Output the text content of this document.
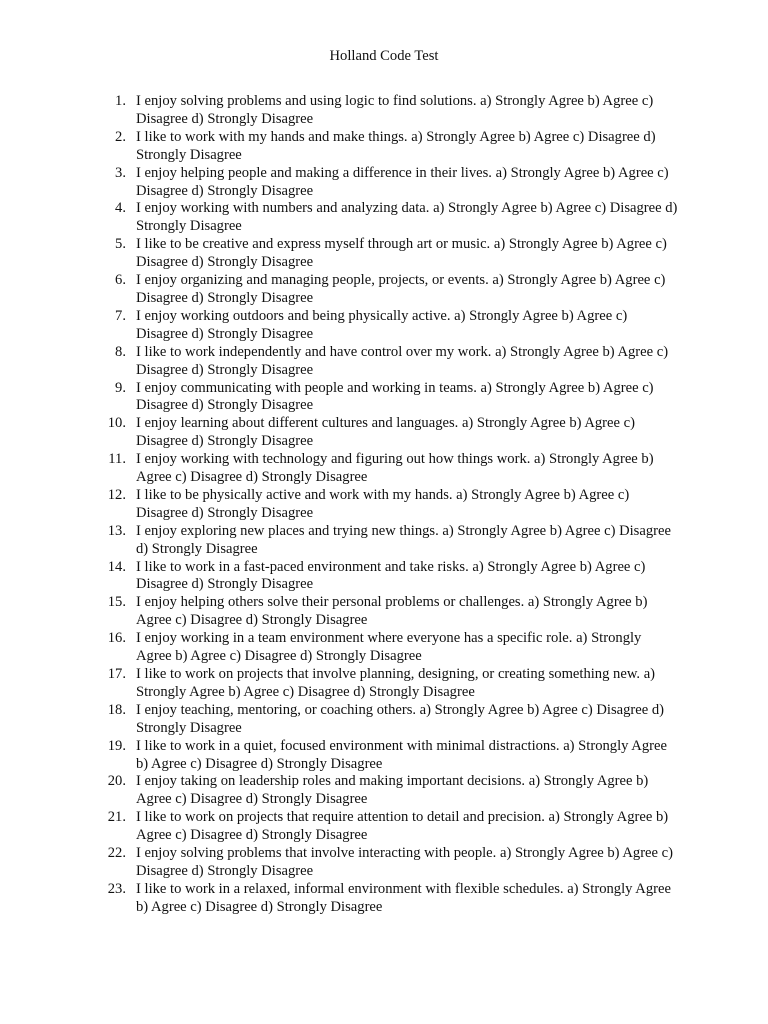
Holland Code Test
1. I enjoy solving problems and using logic to find solutions. a) Strongly Agree b) Agree c) Disagree d) Strongly Disagree
2. I like to work with my hands and make things. a) Strongly Agree b) Agree c) Disagree d) Strongly Disagree
3. I enjoy helping people and making a difference in their lives. a) Strongly Agree b) Agree c) Disagree d) Strongly Disagree
4. I enjoy working with numbers and analyzing data. a) Strongly Agree b) Agree c) Disagree d) Strongly Disagree
5. I like to be creative and express myself through art or music. a) Strongly Agree b) Agree c) Disagree d) Strongly Disagree
6. I enjoy organizing and managing people, projects, or events. a) Strongly Agree b) Agree c) Disagree d) Strongly Disagree
7. I enjoy working outdoors and being physically active. a) Strongly Agree b) Agree c) Disagree d) Strongly Disagree
8. I like to work independently and have control over my work. a) Strongly Agree b) Agree c) Disagree d) Strongly Disagree
9. I enjoy communicating with people and working in teams. a) Strongly Agree b) Agree c) Disagree d) Strongly Disagree
10. I enjoy learning about different cultures and languages. a) Strongly Agree b) Agree c) Disagree d) Strongly Disagree
11. I enjoy working with technology and figuring out how things work. a) Strongly Agree b) Agree c) Disagree d) Strongly Disagree
12. I like to be physically active and work with my hands. a) Strongly Agree b) Agree c) Disagree d) Strongly Disagree
13. I enjoy exploring new places and trying new things. a) Strongly Agree b) Agree c) Disagree d) Strongly Disagree
14. I like to work in a fast-paced environment and take risks. a) Strongly Agree b) Agree c) Disagree d) Strongly Disagree
15. I enjoy helping others solve their personal problems or challenges. a) Strongly Agree b) Agree c) Disagree d) Strongly Disagree
16. I enjoy working in a team environment where everyone has a specific role. a) Strongly Agree b) Agree c) Disagree d) Strongly Disagree
17. I like to work on projects that involve planning, designing, or creating something new. a) Strongly Agree b) Agree c) Disagree d) Strongly Disagree
18. I enjoy teaching, mentoring, or coaching others. a) Strongly Agree b) Agree c) Disagree d) Strongly Disagree
19. I like to work in a quiet, focused environment with minimal distractions. a) Strongly Agree b) Agree c) Disagree d) Strongly Disagree
20. I enjoy taking on leadership roles and making important decisions. a) Strongly Agree b) Agree c) Disagree d) Strongly Disagree
21. I like to work on projects that require attention to detail and precision. a) Strongly Agree b) Agree c) Disagree d) Strongly Disagree
22. I enjoy solving problems that involve interacting with people. a) Strongly Agree b) Agree c) Disagree d) Strongly Disagree
23. I like to work in a relaxed, informal environment with flexible schedules. a) Strongly Agree b) Agree c) Disagree d) Strongly Disagree
